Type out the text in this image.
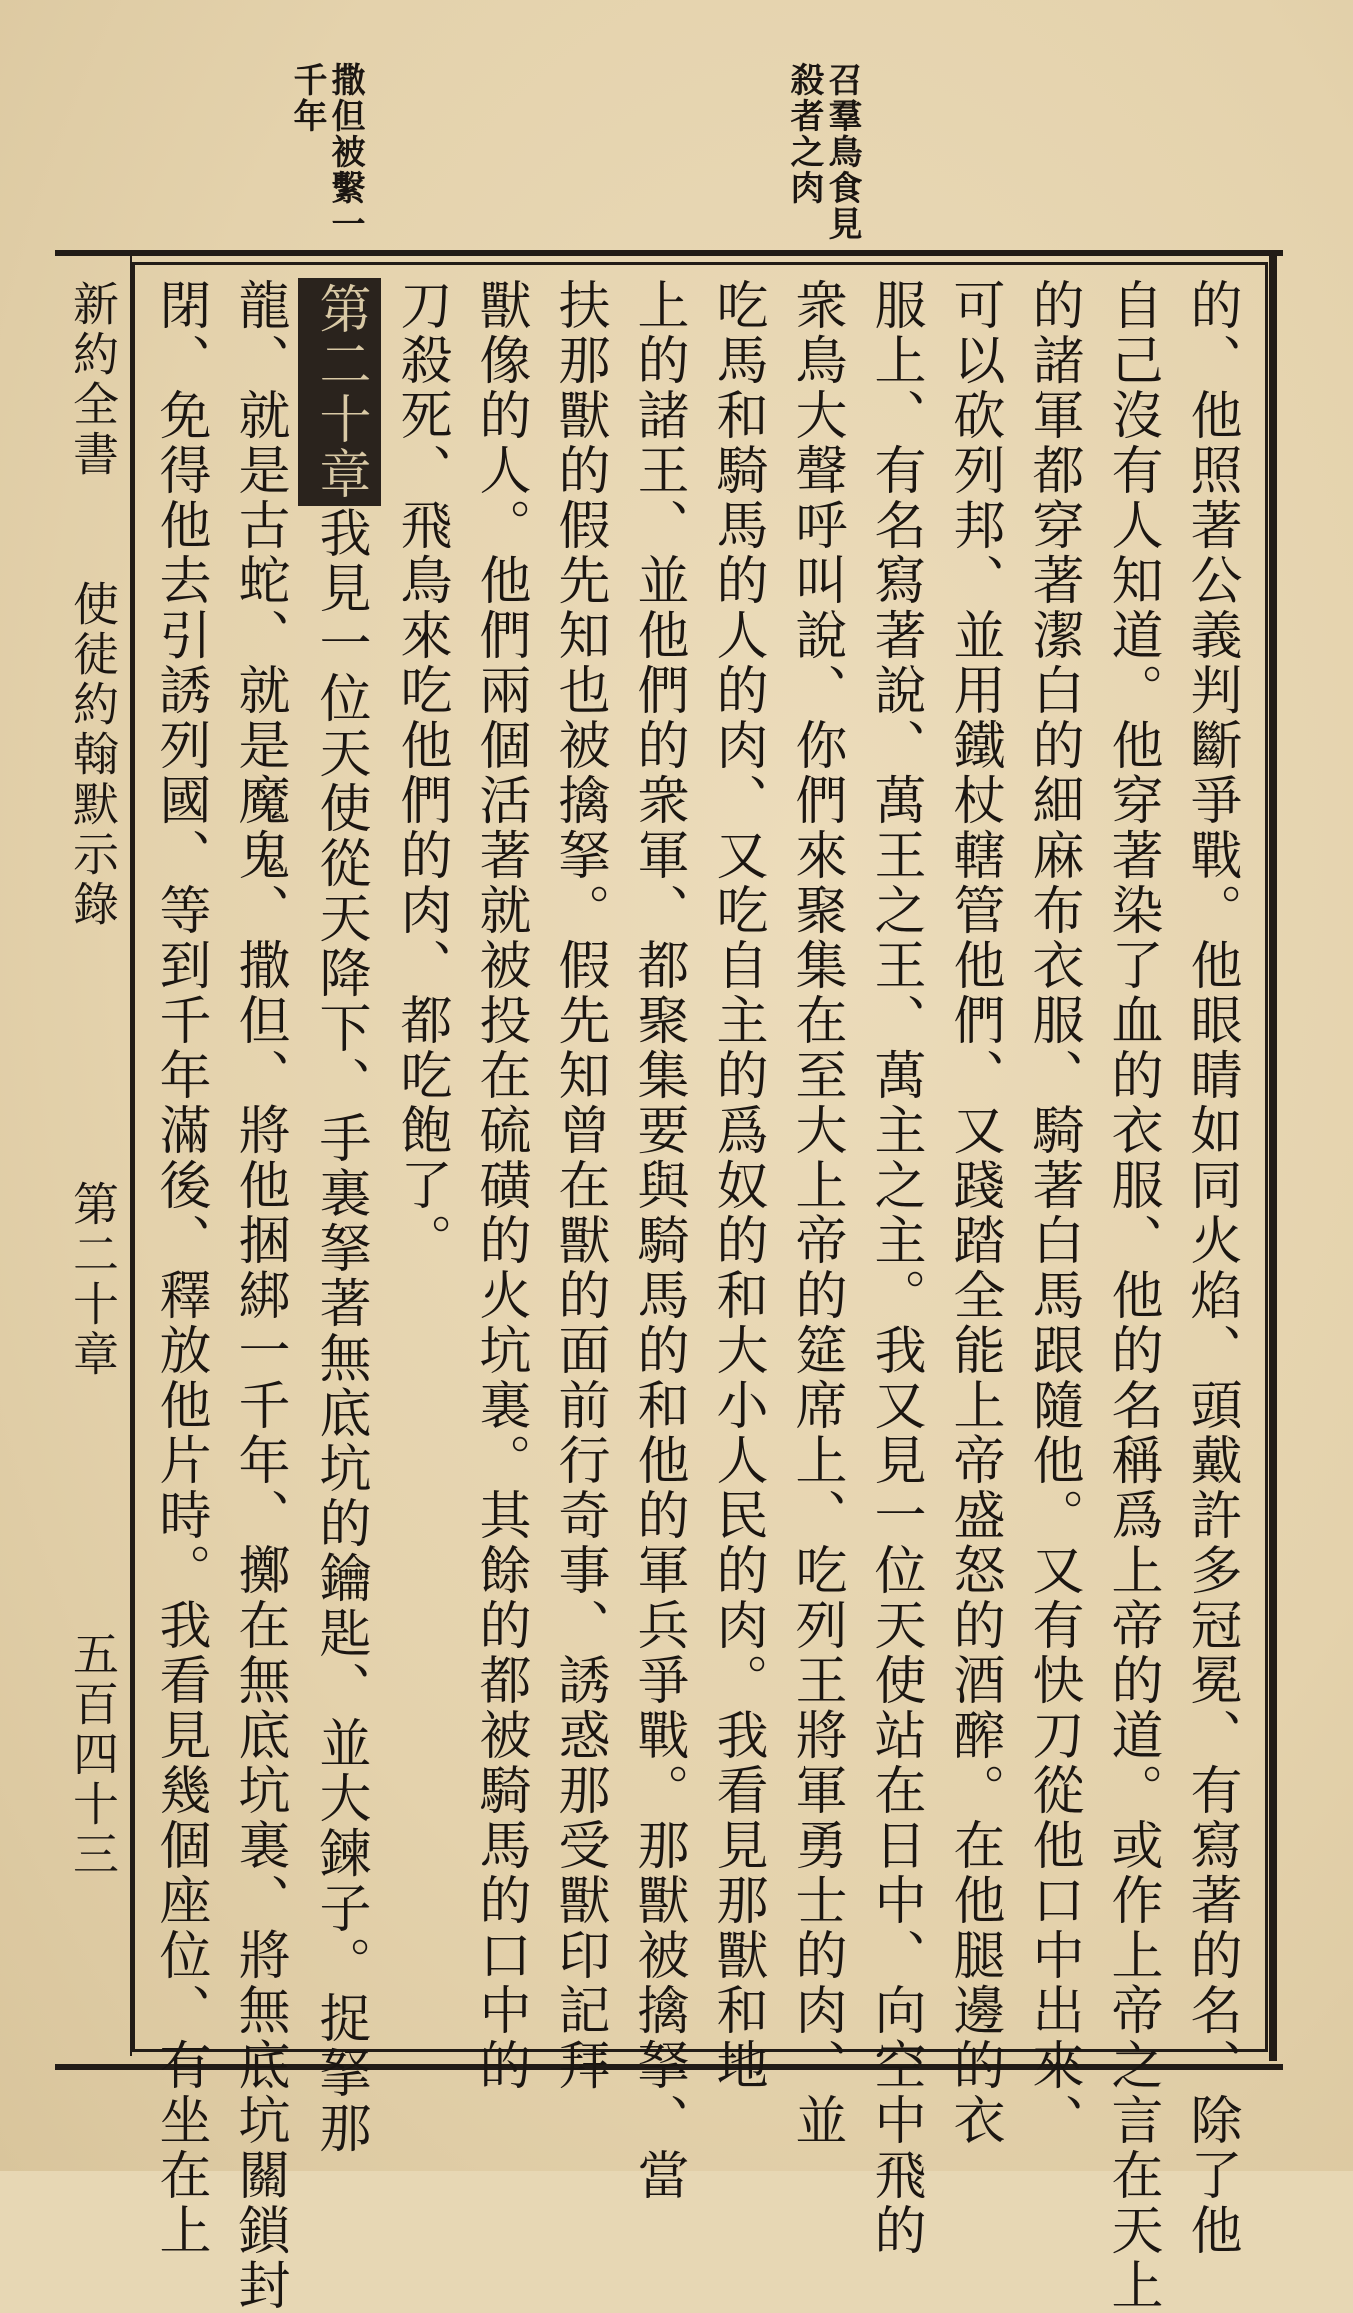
召羣鳥食見殺者之肉
撒但被繫一千年
的、他照著公義判斷爭戰。他眼睛如同火焰、頭戴許多冠冕、有寫著的名、除了他
自己沒有人知道。他穿著染了血的衣服、他的名稱爲上帝的道。或作上帝之言在天上
的諸軍都穿著潔白的細麻布衣服、騎著白馬跟隨他。又有快刀從他口中出來、
可以砍列邦、並用鐵杖轄管他們、又踐踏全能上帝盛怒的酒醡。在他腿邊的衣
服上、有名寫著說、萬王之王、萬主之主。我又見一位天使站在日中、向空中飛的
衆鳥大聲呼叫說、你們來聚集在至大上帝的筵席上、吃列王將軍勇士的肉、並
吃馬和騎馬的人的肉、又吃自主的爲奴的和大小人民的肉。我看見那獸和地
上的諸王、並他們的衆軍、都聚集要與騎馬的和他的軍兵爭戰。那獸被擒拏、當
扶那獸的假先知也被擒拏。假先知曾在獸的面前行奇事、誘惑那受獸印記拜
獸像的人。他們兩個活著就被投在硫磺的火坑裏。其餘的都被騎馬的口中的
刀殺死、飛鳥來吃他們的肉、都吃飽了。
第二十章我見一位天使從天降下、手裏拏著無底坑的鑰匙、並大鍊子。捉拏那
龍、就是古蛇、就是魔鬼、撒但、將他捆綁一千年、擲在無底坑裏、將無底坑關鎖封
閉、免得他去引誘列國、等到千年滿後、釋放他片時。我看見幾個座位、有坐在上
新約全書
使徒約翰默示錄
第二十章
五百四十三
